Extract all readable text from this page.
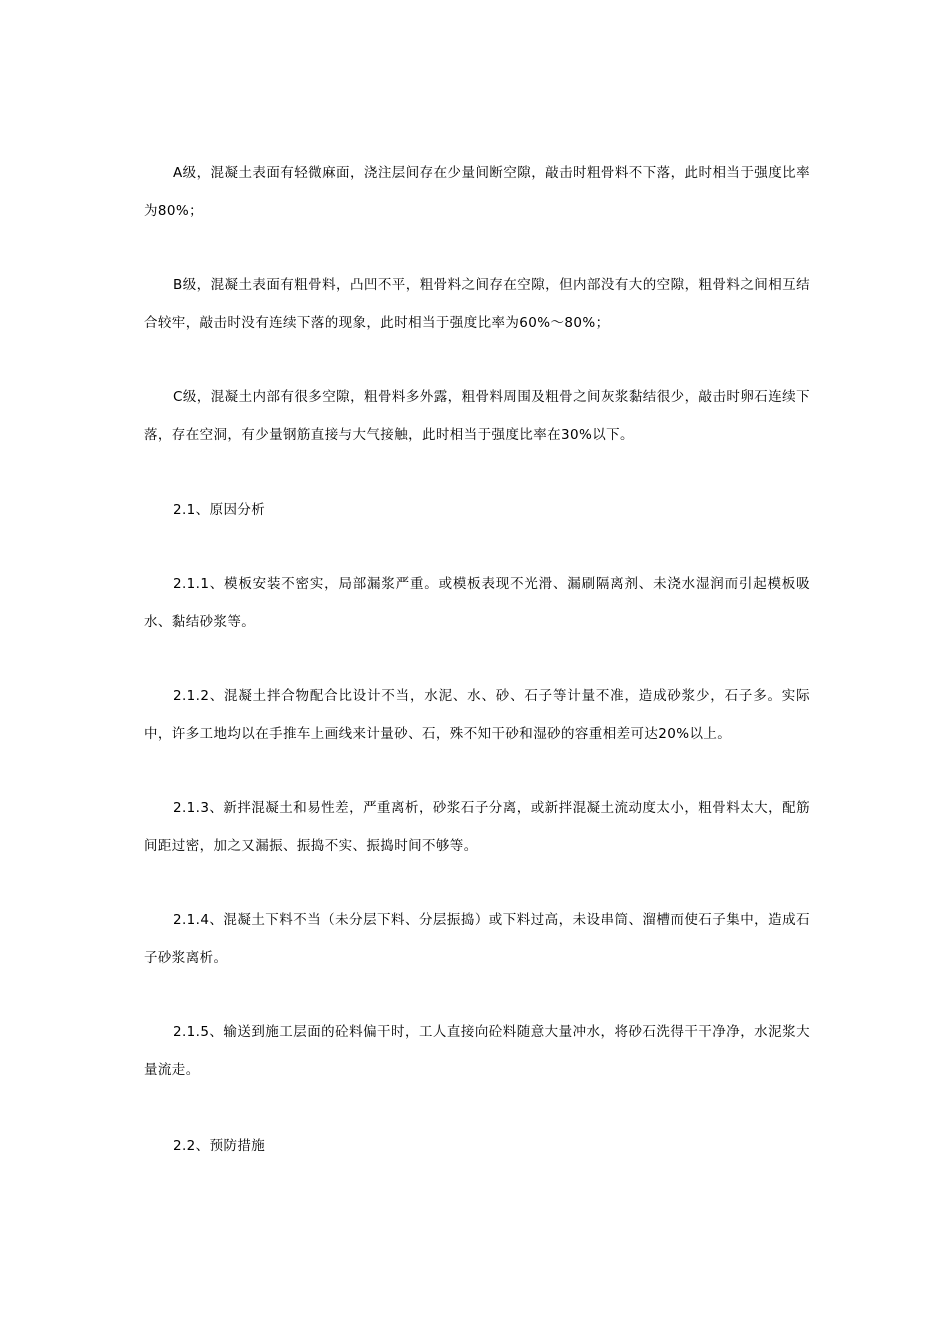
A级，混凝土表面有轻微麻面，浇注层间存在少量间断空隙，敲击时粗骨料不下落，此时相当于强度比率为80%；

B级，混凝土表面有粗骨料，凸凹不平，粗骨料之间存在空隙，但内部没有大的空隙，粗骨料之间相互结合较牢，敲击时没有连续下落的现象，此时相当于强度比率为60%～80%；

C级，混凝土内部有很多空隙，粗骨料多外露，粗骨料周围及粗骨之间灰浆黏结很少，敲击时卵石连续下落，存在空洞，有少量钢筋直接与大气接触，此时相当于强度比率在30%以下。

2.1、原因分析

2.1.1、模板安装不密实，局部漏浆严重。或模板表现不光滑、漏刷隔离剂、未浇水湿润而引起模板吸水、黏结砂浆等。

2.1.2、混凝土拌合物配合比设计不当，水泥、水、砂、石子等计量不准，造成砂浆少，石子多。实际中，许多工地均以在手推车上画线来计量砂、石，殊不知干砂和湿砂的容重相差可达20%以上。

2.1.3、新拌混凝土和易性差，严重离析，砂浆石子分离，或新拌混凝土流动度太小，粗骨料太大，配筋间距过密，加之又漏振、振捣不实、振捣时间不够等。

2.1.4、混凝土下料不当（未分层下料、分层振捣）或下料过高，未设串筒、溜槽而使石子集中，造成石子砂浆离析。

2.1.5、输送到施工层面的砼料偏干时，工人直接向砼料随意大量冲水，将砂石洗得干干净净，水泥浆大量流走。

2.2、预防措施
